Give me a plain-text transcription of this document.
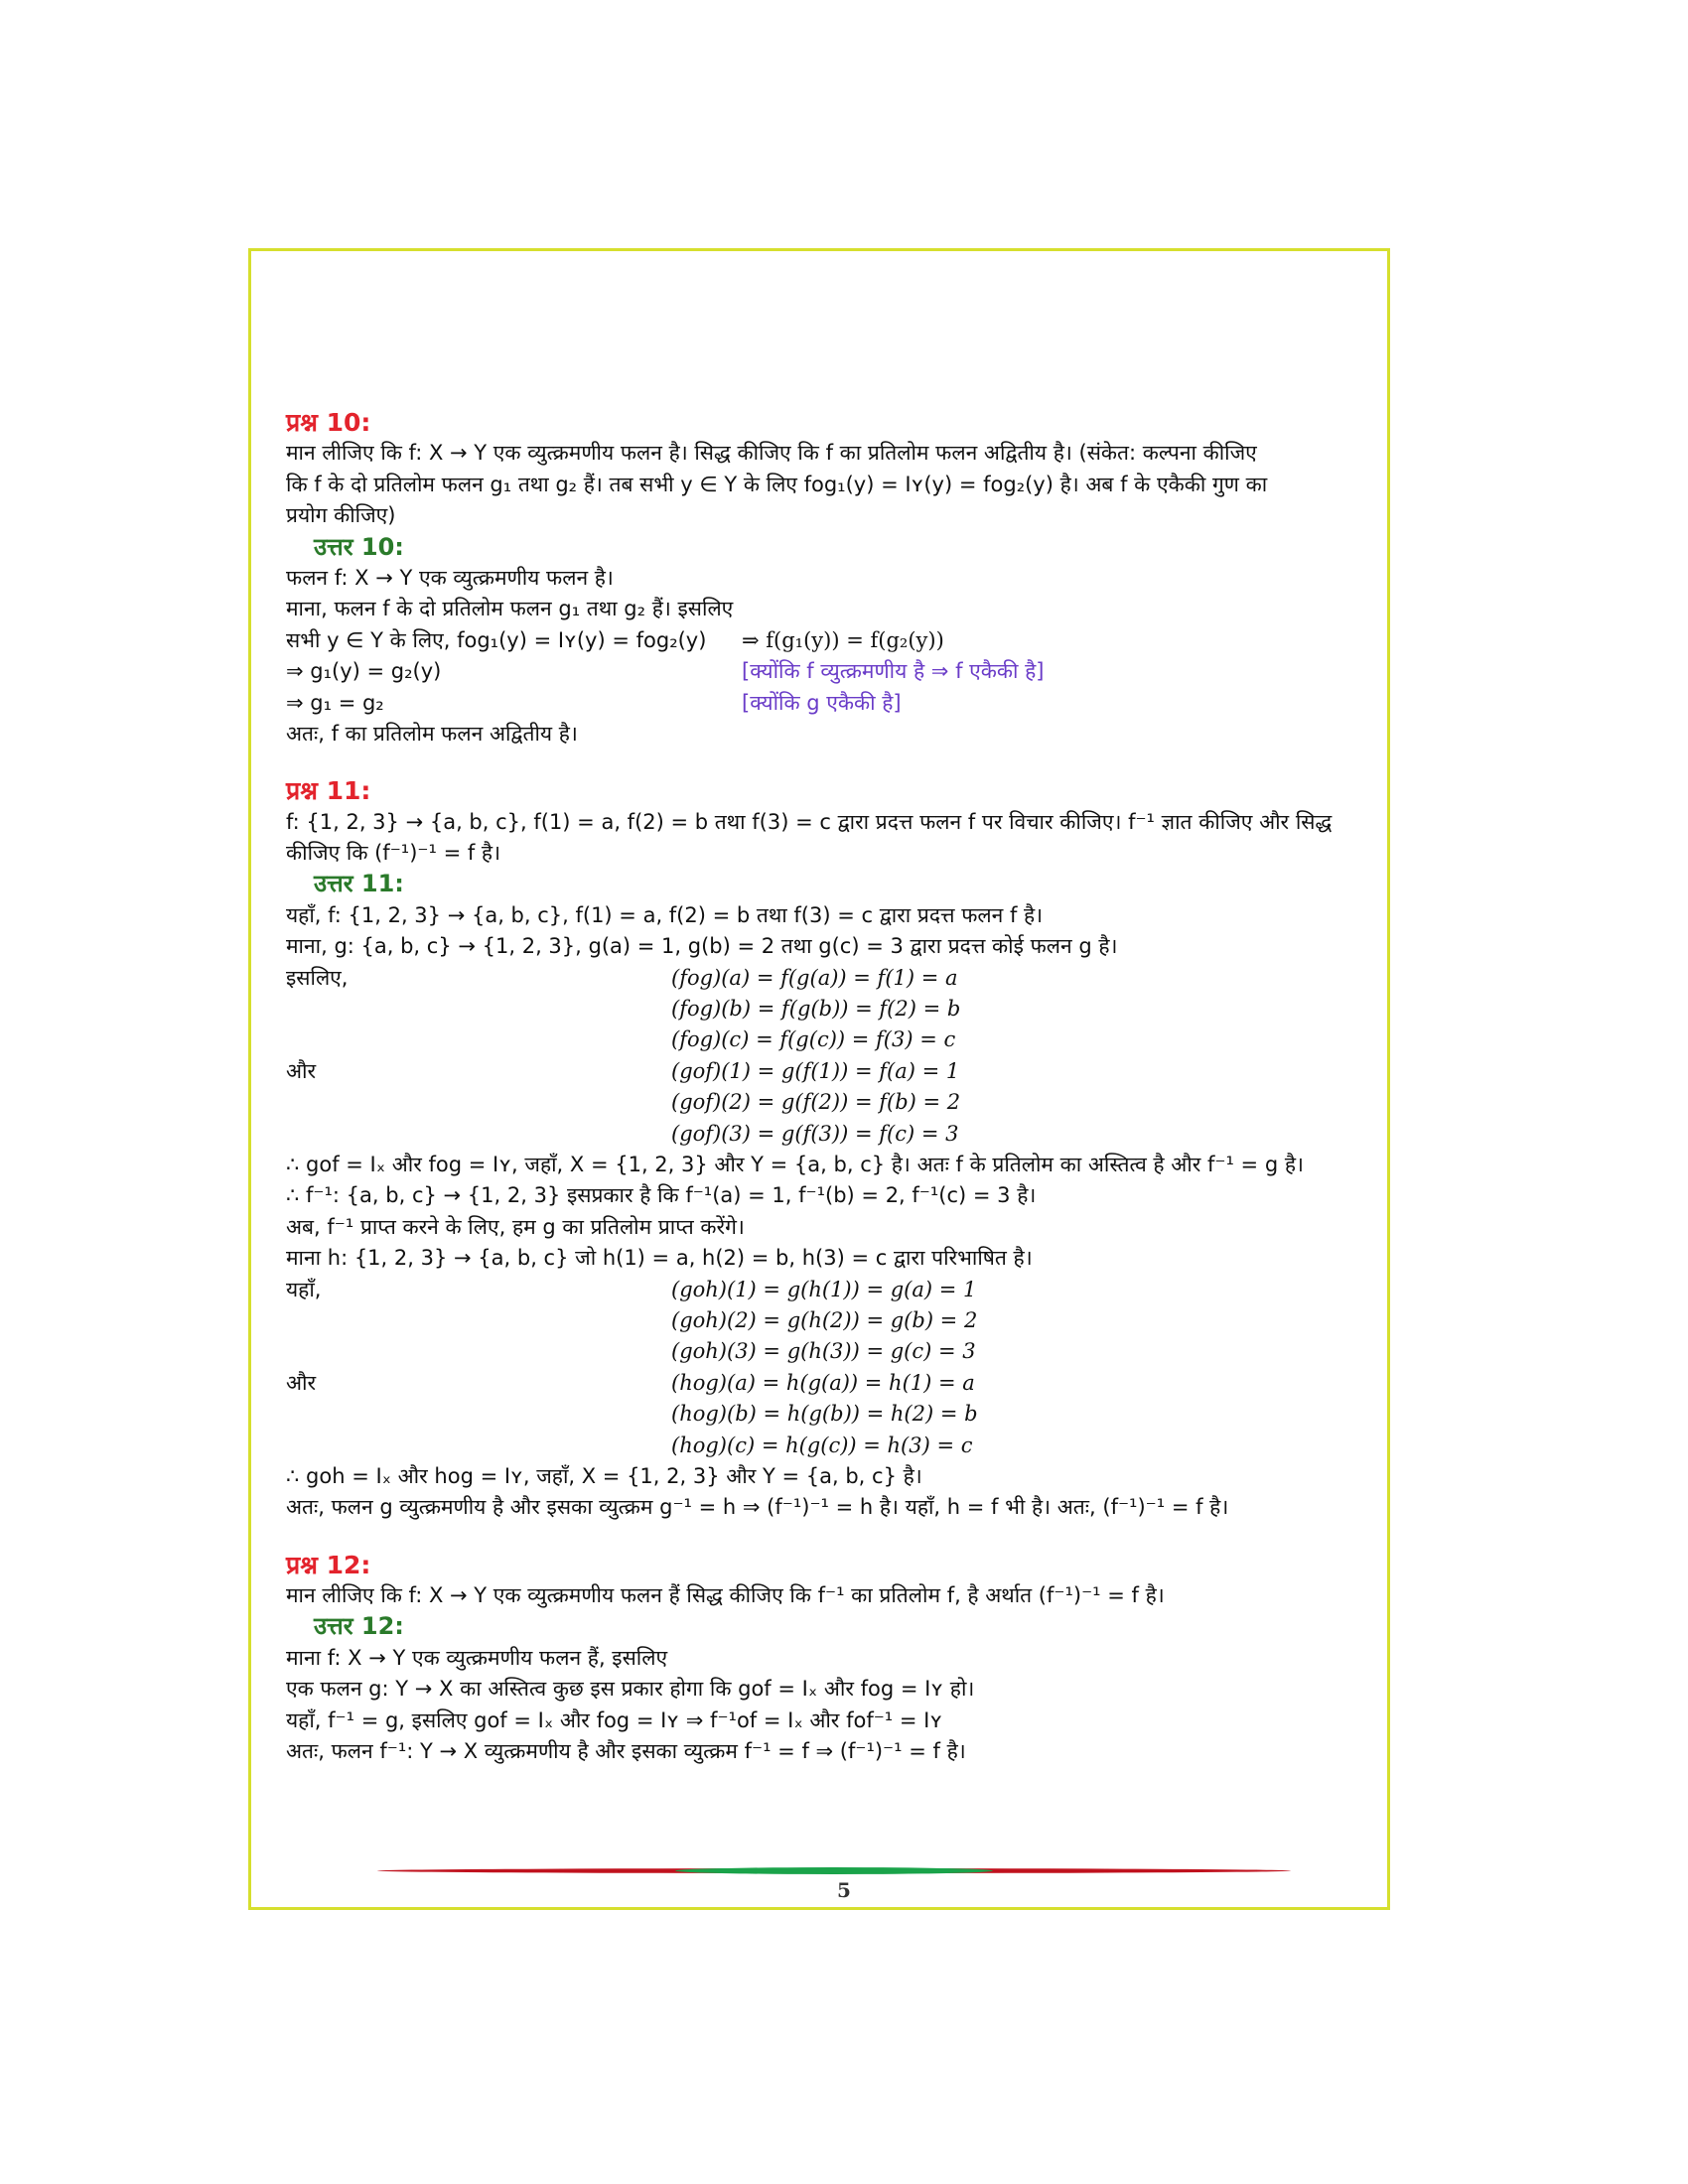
प्रश्न 10:
मान लीजिए कि f: X → Y एक व्युत्क्रमणीय फलन है। सिद्ध कीजिए कि f का प्रतिलोम फलन अद्वितीय है। (संकेत: कल्पना कीजिए
कि f के दो प्रतिलोम फलन g₁ तथा g₂ हैं। तब सभी y ∈ Y के लिए fog₁(y) = Iʏ(y) = fog₂(y) है। अब f के एकैकी गुण का
प्रयोग कीजिए)
उत्तर 10:
फलन f: X → Y एक व्युत्क्रमणीय फलन है।
माना, फलन f के दो प्रतिलोम फलन g₁ तथा g₂ हैं। इसलिए
सभी y ∈ Y के लिए, fog₁(y) = Iʏ(y) = fog₂(y) ⇒ f(g₁(y)) = f(g₂(y))
⇒ g₁(y) = g₂(y)	[क्योंकि f व्युत्क्रमणीय है ⇒ f एकैकी है]
⇒ g₁ = g₂	[क्योंकि g एकैकी है]
अतः, f का प्रतिलोम फलन अद्वितीय है।
प्रश्न 11:
f: {1, 2, 3} → {a, b, c}, f(1) = a, f(2) = b तथा f(3) = c द्वारा प्रदत्त फलन f पर विचार कीजिए। f⁻¹ ज्ञात कीजिए और सिद्ध
कीजिए कि (f⁻¹)⁻¹ = f है।
उत्तर 11:
यहाँ, f: {1, 2, 3} → {a, b, c}, f(1) = a, f(2) = b तथा f(3) = c द्वारा प्रदत्त फलन f है।
माना, g: {a, b, c} → {1, 2, 3}, g(a) = 1, g(b) = 2 तथा g(c) = 3 द्वारा प्रदत्त कोई फलन g है।
इसलिए,	(fog)(a) = f(g(a)) = f(1) = a
(fog)(b) = f(g(b)) = f(2) = b
(fog)(c) = f(g(c)) = f(3) = c
और	(gof)(1) = g(f(1)) = f(a) = 1
(gof)(2) = g(f(2)) = f(b) = 2
(gof)(3) = g(f(3)) = f(c) = 3
∴ gof = Iₓ और fog = Iʏ, जहाँ, X = {1, 2, 3} और Y = {a, b, c} है। अतः f के प्रतिलोम का अस्तित्व है और f⁻¹ = g है।
∴ f⁻¹: {a, b, c} → {1, 2, 3} इसप्रकार है कि f⁻¹(a) = 1, f⁻¹(b) = 2, f⁻¹(c) = 3 है।
अब, f⁻¹ प्राप्त करने के लिए, हम g का प्रतिलोम प्राप्त करेंगे।
माना h: {1, 2, 3} → {a, b, c} जो h(1) = a, h(2) = b, h(3) = c द्वारा परिभाषित है।
यहाँ,	(goh)(1) = g(h(1)) = g(a) = 1
(goh)(2) = g(h(2)) = g(b) = 2
(goh)(3) = g(h(3)) = g(c) = 3
और	(hog)(a) = h(g(a)) = h(1) = a
(hog)(b) = h(g(b)) = h(2) = b
(hog)(c) = h(g(c)) = h(3) = c
∴ goh = Iₓ और hog = Iʏ, जहाँ, X = {1, 2, 3} और Y = {a, b, c} है।
अतः, फलन g व्युत्क्रमणीय है और इसका व्युत्क्रम g⁻¹ = h ⇒ (f⁻¹)⁻¹ = h है। यहाँ, h = f भी है। अतः, (f⁻¹)⁻¹ = f है।
प्रश्न 12:
मान लीजिए कि f: X → Y एक व्युत्क्रमणीय फलन हैं सिद्ध कीजिए कि f⁻¹ का प्रतिलोम f, है अर्थात (f⁻¹)⁻¹ = f है।
उत्तर 12:
माना f: X → Y एक व्युत्क्रमणीय फलन हैं, इसलिए
एक फलन g: Y → X का अस्तित्व कुछ इस प्रकार होगा कि gof = Iₓ और fog = Iʏ हो।
यहाँ, f⁻¹ = g, इसलिए gof = Iₓ और fog = Iʏ ⇒ f⁻¹of = Iₓ और fof⁻¹ = Iʏ
अतः, फलन f⁻¹: Y → X व्युत्क्रमणीय है और इसका व्युत्क्रम f⁻¹ = f ⇒ (f⁻¹)⁻¹ = f है।
5
